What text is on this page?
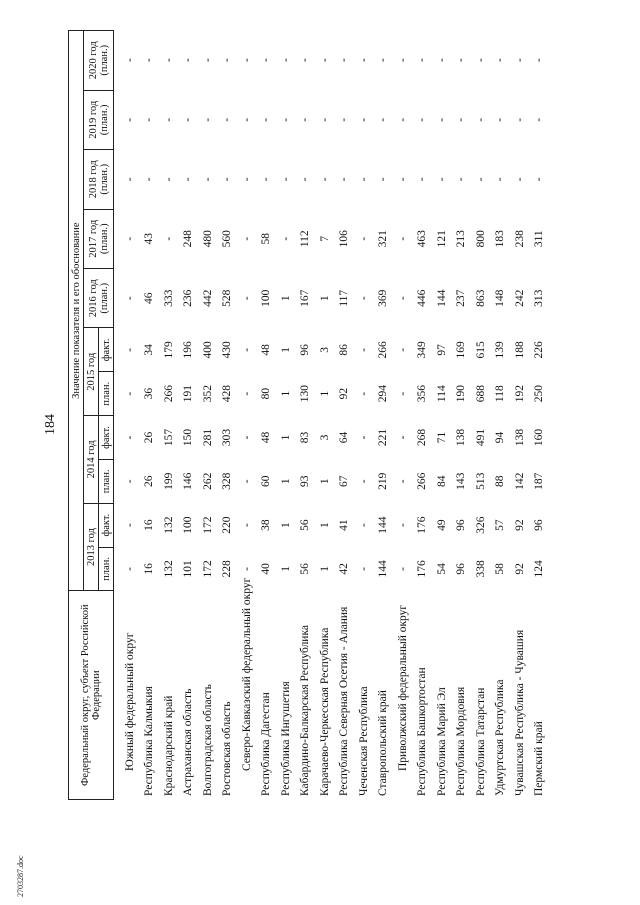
184
2703287.doc
Федеральный округ, субъект Российской Федерации	Значение показателя и его обоснование										
	2013 год		2014 год		2015 год		2016 год (план.)	2017 год (план.)	2018 год (план.)	2019 год (план.)	2020 год (план.)
	план.	факт.	план.	факт.	план.	факт.					
Южный федеральный округ	-	-	-	-	-	-	-	-	-	-	-
Республика Калмыкия	16	16	26	26	36	34	46	43	-	-	-
Краснодарский край	132	132	199	157	266	179	333	-	-	-	-
Астраханская область	101	100	146	150	191	196	236	248	-	-	-
Волгоградская область	172	172	262	281	352	400	442	480	-	-	-
Ростовская область	228	220	328	303	428	430	528	560	-	-	-
Северо-Кавказский федеральный округ	-	-	-	-	-	-	-	-	-	-	-
Республика Дагестан	40	38	60	48	80	48	100	58	-	-	-
Республика Ингушетия	1	1	1	1	1	1	1	-	-	-	-
Кабардино-Балкарская Республика	56	56	93	83	130	96	167	112	-	-	-
Карачаево-Черкесская Республика	1	1	1	3	1	3	1	7	-	-	-
Республика Северная Осетия - Алания	42	41	67	64	92	86	117	106	-	-	-
Чеченская Республика	-	-	-	-	-	-	-	-	-	-	-
Ставропольский край	144	144	219	221	294	266	369	321	-	-	-
Приволжский федеральный округ	-	-	-	-	-	-	-	-	-	-	-
Республика Башкортостан	176	176	266	268	356	349	446	463	-	-	-
Республика Марий Эл	54	49	84	71	114	97	144	121	-	-	-
Республика Мордовия	96	96	143	138	190	169	237	213	-	-	-
Республика Татарстан	338	326	513	491	688	615	863	800	-	-	-
Удмуртская Республика	58	57	88	94	118	139	148	183	-	-	-
Чувашская Республика - Чувашия	92	92	142	138	192	188	242	238	-	-	-
Пермский край	124	96	187	160	250	226	313	311	-	-	-
